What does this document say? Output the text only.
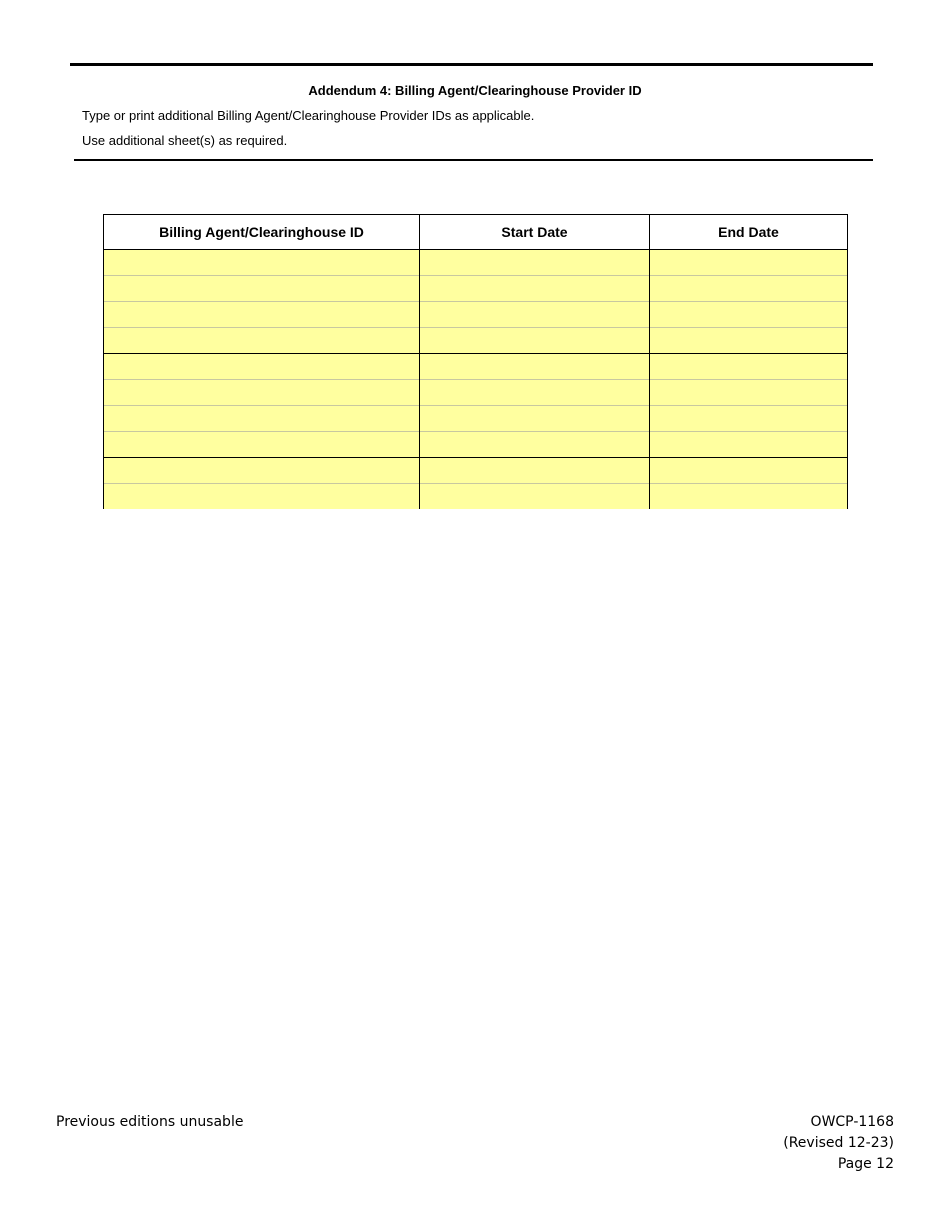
Addendum 4: Billing Agent/Clearinghouse Provider ID
Type or print additional Billing Agent/Clearinghouse Provider IDs as applicable.
Use additional sheet(s) as required.
Billing Agent/Clearinghouse ID	Start Date	End Date

Previous editions unusable	OWCP-1168
(Revised 12-23)
Page 12
